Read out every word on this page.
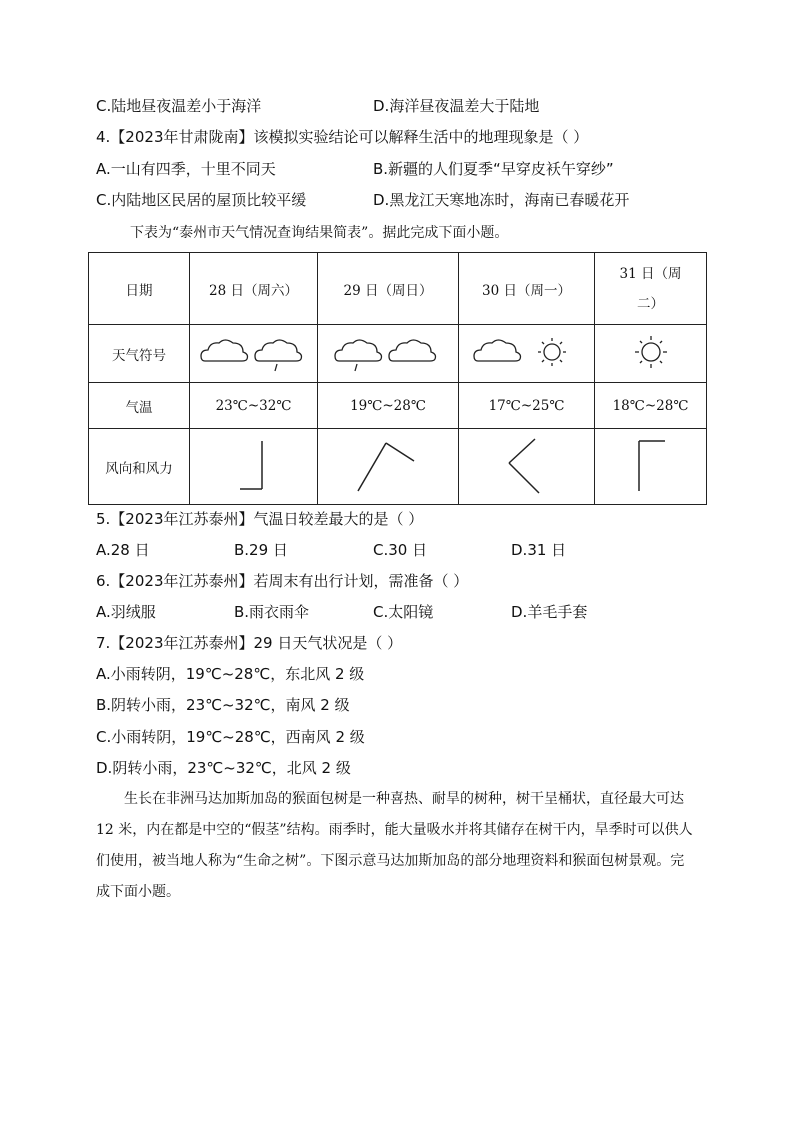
C.陆地昼夜温差小于海洋	D.海洋昼夜温差大于陆地
4.【2023年甘肃陇南】该模拟实验结论可以解释生活中的地理现象是（ ）
A.一山有四季，十里不同天	B.新疆的人们夏季“早穿皮袄午穿纱”
C.内陆地区民居的屋顶比较平缓	D.黑龙江天寒地冻时，海南已春暖花开
下表为“泰州市天气情况查询结果简表”。据此完成下面小题。
日期	28 日（周六）	29 日（周日）	30 日（周一）	31 日（周
二）

天气符号				
气温	23℃~32℃	19℃~28℃	17℃~25℃	18℃~28℃
风向和风力				
5.【2023年江苏泰州】气温日较差最大的是（ ）
A.28 日	B.29 日	C.30 日	D.31 日
6.【2023年江苏泰州】若周末有出行计划，需准备（ ）
A.羽绒服	B.雨衣雨伞	C.太阳镜	D.羊毛手套
7.【2023年江苏泰州】29 日天气状况是（ ）
A.小雨转阴，19℃~28℃，东北风 2 级
B.阴转小雨，23℃~32℃，南风 2 级
C.小雨转阴，19℃~28℃，西南风 2 级
D.阴转小雨，23℃~32℃，北风 2 级
生长在非洲马达加斯加岛的猴面包树是一种喜热、耐旱的树种，树干呈桶状，直径最大可达 12 米，内在都是中空的“假茎”结构。雨季时，能大量吸水并将其储存在树干内，旱季时可以供人们使用，被当地人称为“生命之树”。下图示意马达加斯加岛的部分地理资料和猴面包树景观。完成下面小题。
